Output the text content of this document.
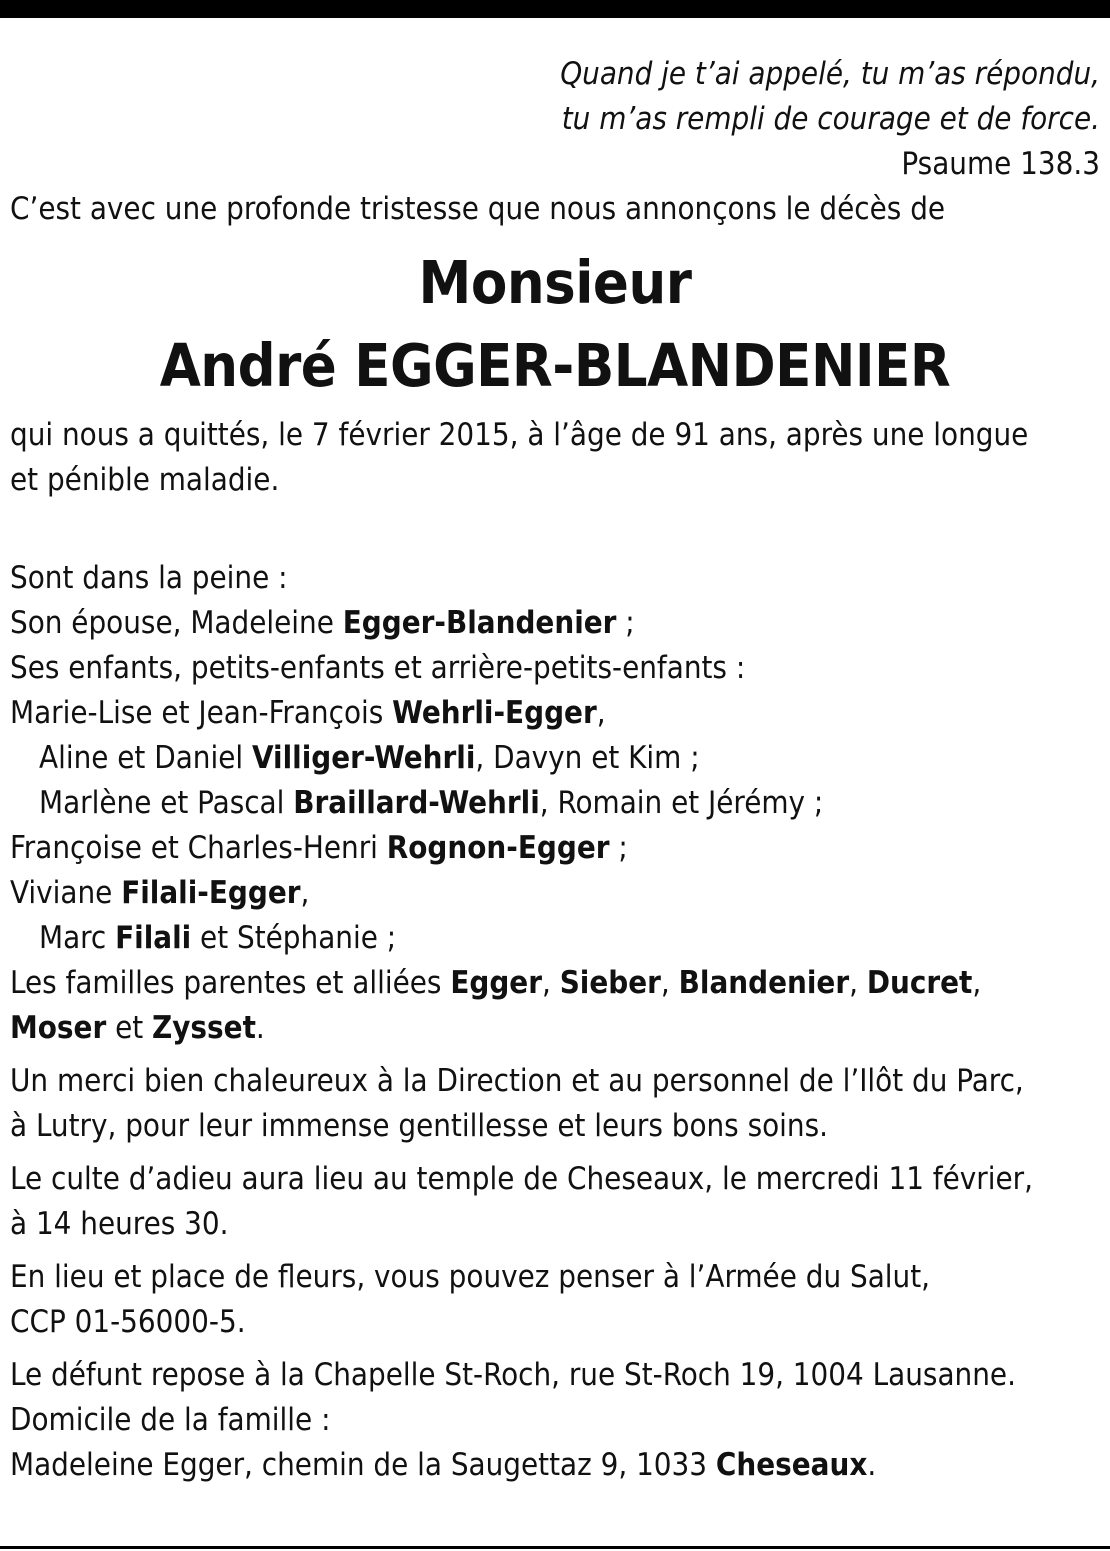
Quand je t’ai appelé, tu m’as répondu,
tu m’as rempli de courage et de force.
Psaume 138.3

C’est avec une profonde tristesse que nous annonçons le décès de

Monsieur
André EGGER-BLANDENIER

qui nous a quittés, le 7 février 2015, à l’âge de 91 ans, après une longue
et pénible maladie.

Sont dans la peine :
Son épouse, Madeleine Egger-Blandenier ;
Ses enfants, petits-enfants et arrière-petits-enfants :
Marie-Lise et Jean-François Wehrli-Egger,
Aline et Daniel Villiger-Wehrli, Davyn et Kim ;
Marlène et Pascal Braillard-Wehrli, Romain et Jérémy ;
Françoise et Charles-Henri Rognon-Egger ;
Viviane Filali-Egger,
Marc Filali et Stéphanie ;
Les familles parentes et alliées Egger, Sieber, Blandenier, Ducret,
Moser et Zysset.

Un merci bien chaleureux à la Direction et au personnel de l’Ilôt du Parc,
à Lutry, pour leur immense gentillesse et leurs bons soins.

Le culte d’adieu aura lieu au temple de Cheseaux, le mercredi 11 février,
à 14 heures 30.

En lieu et place de fleurs, vous pouvez penser à l’Armée du Salut,
CCP 01-56000-5.

Le défunt repose à la Chapelle St-Roch, rue St-Roch 19, 1004 Lausanne.
Domicile de la famille :
Madeleine Egger, chemin de la Saugettaz 9, 1033 Cheseaux.
